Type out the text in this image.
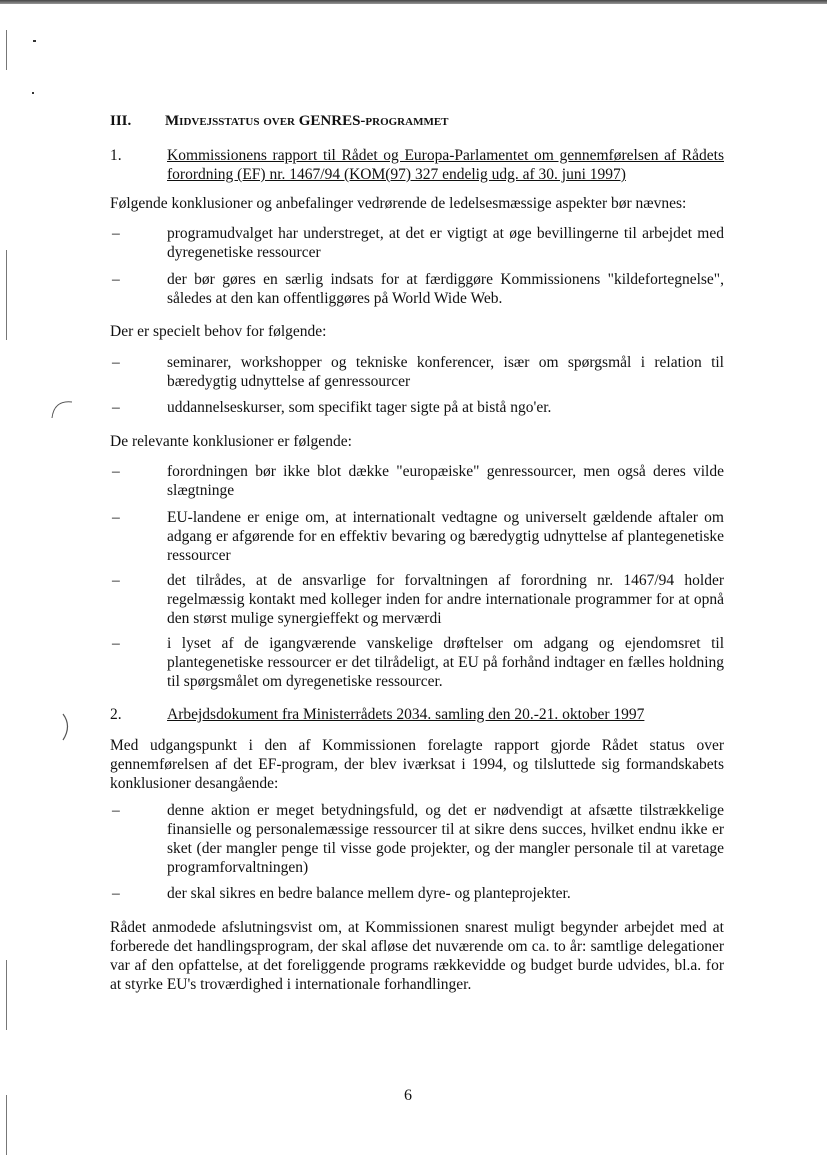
III. Midvejsstatus over GENRES-programmet
1.	Kommissionens rapport til Rådet og Europa-Parlamentet om gennemførelsen af Rådets forordning (EF) nr. 1467/94 (KOM(97) 327 endelig udg. af 30. juni 1997)
Følgende konklusioner og anbefalinger vedrørende de ledelsesmæssige aspekter bør nævnes:
–	programudvalget har understreget, at det er vigtigt at øge bevillingerne til arbejdet med dyregenetiske ressourcer
–	der bør gøres en særlig indsats for at færdiggøre Kommissionens "kildefortegnelse", således at den kan offentliggøres på World Wide Web.
Der er specielt behov for følgende:
–	seminarer, workshopper og tekniske konferencer, især om spørgsmål i relation til bæredygtig udnyttelse af genressourcer
–	uddannelseskurser, som specifikt tager sigte på at bistå ngo'er.
De relevante konklusioner er følgende:
–	forordningen bør ikke blot dække "europæiske" genressourcer, men også deres vilde slægtninge
–	EU-landene er enige om, at internationalt vedtagne og universelt gældende aftaler om adgang er afgørende for en effektiv bevaring og bæredygtig udnyttelse af plantegenetiske ressourcer
–	det tilrådes, at de ansvarlige for forvaltningen af forordning nr. 1467/94 holder regelmæssig kontakt med kolleger inden for andre internationale programmer for at opnå den størst mulige synergieffekt og merværdi
–	i lyset af de igangværende vanskelige drøftelser om adgang og ejendomsret til plantegenetiske ressourcer er det tilrådeligt, at EU på forhånd indtager en fælles holdning til spørgsmålet om dyregenetiske ressourcer.
2.	Arbejdsdokument fra Ministerrådets 2034. samling den 20.-21. oktober 1997
Med udgangspunkt i den af Kommissionen forelagte rapport gjorde Rådet status over gennemførelsen af det EF-program, der blev iværksat i 1994, og tilsluttede sig formandskabets konklusioner desangående:
–	denne aktion er meget betydningsfuld, og det er nødvendigt at afsætte tilstrækkelige finansielle og personalemæssige ressourcer til at sikre dens succes, hvilket endnu ikke er sket (der mangler penge til visse gode projekter, og der mangler personale til at varetage programforvaltningen)
–	der skal sikres en bedre balance mellem dyre- og planteprojekter.
Rådet anmodede afslutningsvist om, at Kommissionen snarest muligt begynder arbejdet med at forberede det handlingsprogram, der skal afløse det nuværende om ca. to år: samtlige delegationer var af den opfattelse, at det foreliggende programs rækkevidde og budget burde udvides, bl.a. for at styrke EU's troværdighed i internationale forhandlinger.
6
